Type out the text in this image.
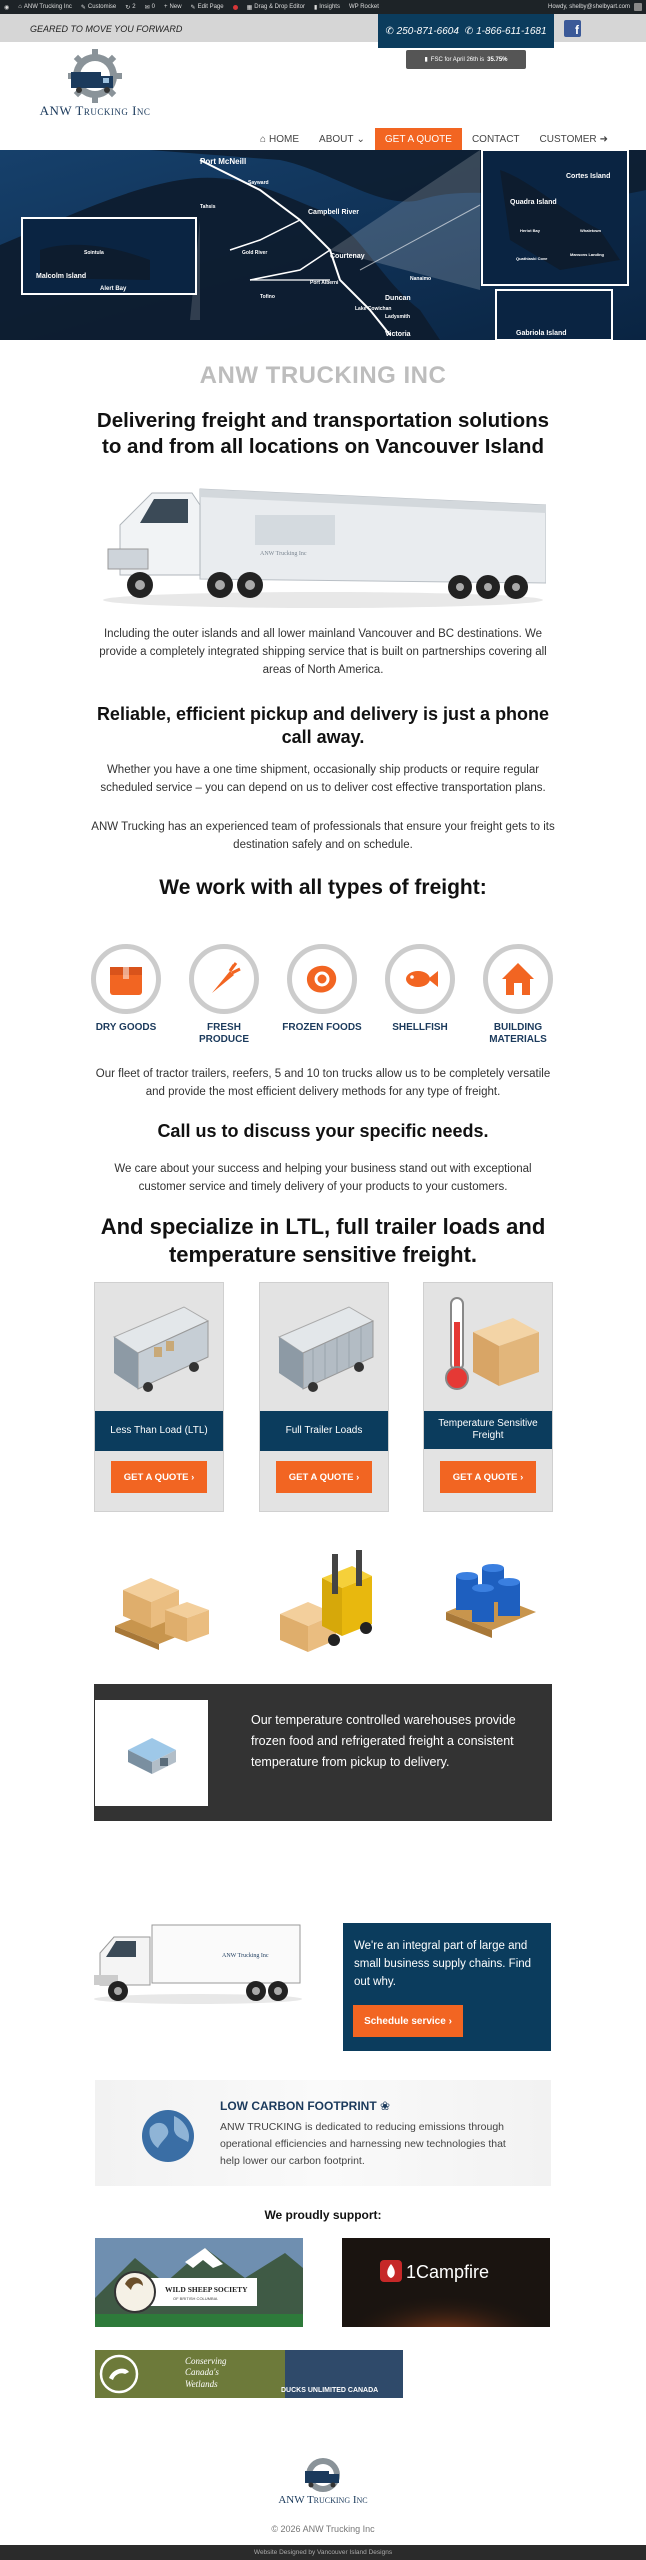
◉ ⌂ ANW Trucking Inc ✎ Customise ↻ 2 ✉ 0 + New ✎ Edit Page	▦ Drag & Drop Editor ▮ Insights WP Rocket	Howdy, shelby@shelbyart.com
GEARED TO MOVE YOU FORWARD	✆ 250-871-6604 ✆ 1-866-611-1681 f
▮ FSC for April 26th is 35.75%
ANW Trucking Inc
⌂ HOME ABOUT ⌄ GET A QUOTE CONTACT CUSTOMER ➜
Port McNeill
Sayward
Campbell River
Courtenay
Port Alberni
Duncan
Victoria
Gold River
Tahsis
Tofino
Ladysmith
Lake Cowichan
Nanaimo
Sointula
Malcolm Island
Alert Bay
Cortes Island
Quadra Island
Gabriola Island
Heriot Bay
Quathiaski Cove
Mansons Landing
Whaletown
ANW TRUCKING INC
Delivering freight and transportation solutions to and from all locations on Vancouver Island
ANW Trucking Inc
Including the outer islands and all lower mainland Vancouver and BC destinations. We provide a completely integrated shipping service that is built on partnerships covering all areas of North America.
Reliable, efficient pickup and delivery is just a phone call away.
Whether you have a one time shipment, occasionally ship products or require regular scheduled service – you can depend on us to deliver cost effective transportation plans.
ANW Trucking has an experienced team of professionals that ensure your freight gets to its destination safely and on schedule.
We work with all types of freight:
DRY GOODS	FRESH PRODUCE
FROZEN FOODS	SHELLFISH	BUILDING MATERIALS
Our fleet of tractor trailers, reefers, 5 and 10 ton trucks allow us to be completely versatile and provide the most efficient delivery methods for any type of freight.
Call us to discuss your specific needs.
We care about your success and helping your business stand out with exceptional customer service and timely delivery of your products to your customers.
And specialize in LTL, full trailer loads and temperature sensitive freight.
Less Than Load (LTL)
GET A QUOTE
›
Full Trailer Loads
GET A QUOTE
›
Temperature Sensitive Freight
GET A QUOTE
›
Our temperature controlled warehouses provide frozen food and refrigerated freight a consistent temperature from pickup to delivery.
ANW Trucking Inc
We're an integral part of large and small business supply chains. Find out why.
Schedule service
›
LOW CARBON FOOTPRINT ❀
ANW TRUCKING is dedicated to reducing emissions through operational efficiencies and harnessing new technologies that help lower our carbon footprint.
We proudly support:
WILD SHEEP SOCIETY
OF BRITISH COLUMBIA
1Campfire
Conserving
Canada's
Wetlands
DUCKS UNLIMITED CANADA
ANW Trucking Inc
© 2026 ANW Trucking Inc
Website Designed by Vancouver Island Designs
